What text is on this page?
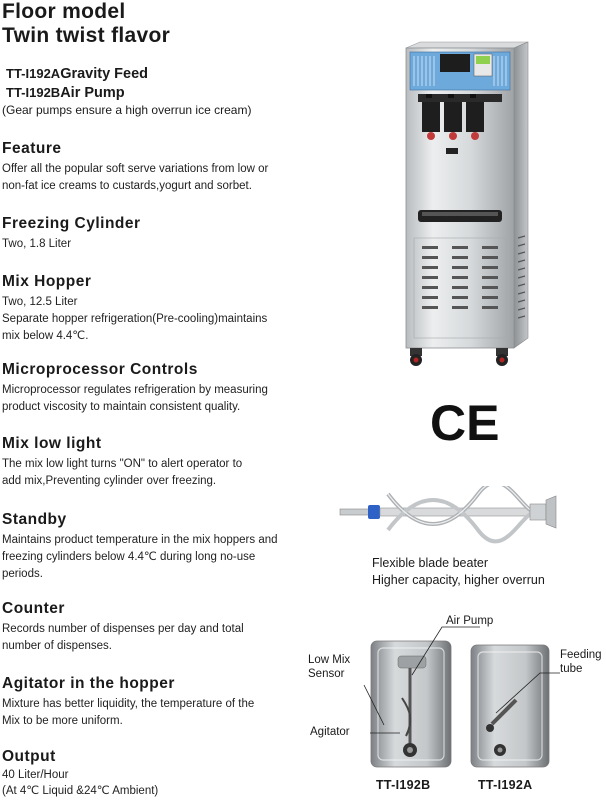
Floor model
Twin twist flavor
TT-I192AGravity Feed
TT-I192BAir Pump
(Gear pumps ensure a high overrun ice cream)
Feature
Offer all the popular soft serve variations from low or
non-fat ice creams to custards,yogurt and sorbet.
Freezing Cylinder
Two, 1.8 Liter
Mix Hopper
Two, 12.5 Liter
Separate hopper refrigeration(Pre-cooling)maintains
mix below 4.4℃.
Microprocessor Controls
Microprocessor regulates refrigeration by measuring
product viscosity to maintain consistent quality.
Mix low light
The mix low light turns "ON" to alert operator to
add mix,Preventing cylinder over freezing.
Standby
Maintains product temperature in the mix hoppers and
freezing cylinders below 4.4℃ during long no-use
periods.
Counter
Records number of dispenses per day and total
number of dispenses.
Agitator in the hopper
Mixture has better liquidity, the temperature of the
Mix to be more uniform.
Output
40 Liter/Hour
(At 4℃ Liquid &24℃ Ambient)
CE
Flexible blade beater
Higher capacity, higher overrun
Air Pump
Low Mix
Sensor
Agitator
Feeding
tube
TT-I192B	TT-I192A
